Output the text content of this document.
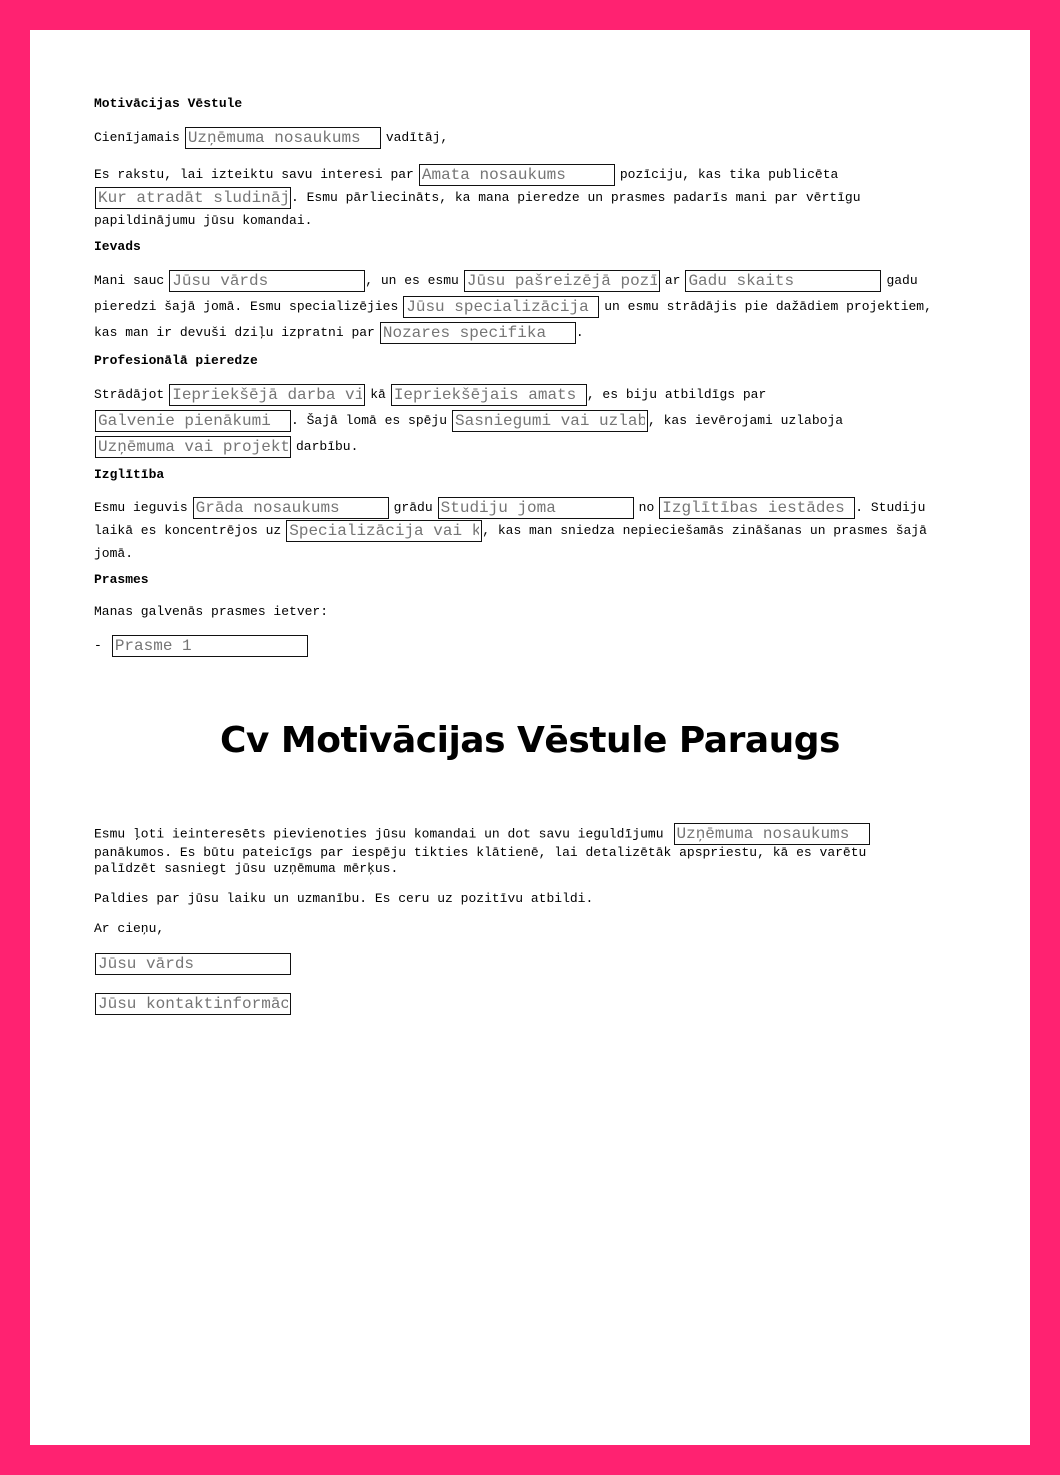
Motivācijas Vēstule

CienījamaisUzņēmuma nosaukums	vadītāj,

Es rakstu, lai izteiktu savu interesi parAmata nosaukums	pozīciju, kas tika publicēta
Kur atradāt sludinājumu. Esmu pārliecināts, ka mana pieredze un prasmes padarīs mani par vērtīgu papildinājumu jūsu komandai.

Ievads

Mani saucJūsu vārds	, un es esmuJūsu pašreizējā pozīcija	arGadu skaits	gadu pieredzi šajā jomā. Esmu specializējiesJūsu specializācija	un esmu strādājis pie dažādiem projektiem, kas man ir devuši dziļu izpratni parNozares specifika	.

Profesionālā pieredze

StrādājotIepriekšējā darba vieta	kāIepriekšējais amats	, es biju atbildīgs par
Galvenie pienākumi. Šajā lomā es spējuSasniegumi vai uzlabojumi	, kas ievērojami uzlaboja
Uzņēmuma vai projektadarbību.

Izglītība

Esmu ieguvisGrāda nosaukums	grāduStudiju joma	noIzglītības iestādes	. Studiju laikā es koncentrējos uzSpecializācija vai kursi	, kas man sniedza nepieciešamās zināšanas un prasmes šajā jomā.

Prasmes

Manas galvenās prasmes ietver:

-Prasme 1

Cv Motivācijas Vēstule Paraugs

Esmu ļoti ieinteresēts pievienoties jūsu komandai un dot savu ieguldījumuUzņēmuma nosaukums
panākumos. Es būtu pateicīgs par iespēju tikties klātienē, lai detalizētāk apspriestu, kā es varētu palīdzēt sasniegt jūsu uzņēmuma mērķus.

Paldies par jūsu laiku un uzmanību. Es ceru uz pozitīvu atbildi.

Ar cieņu,

Jūsu vārds
Jūsu kontaktinformācija
